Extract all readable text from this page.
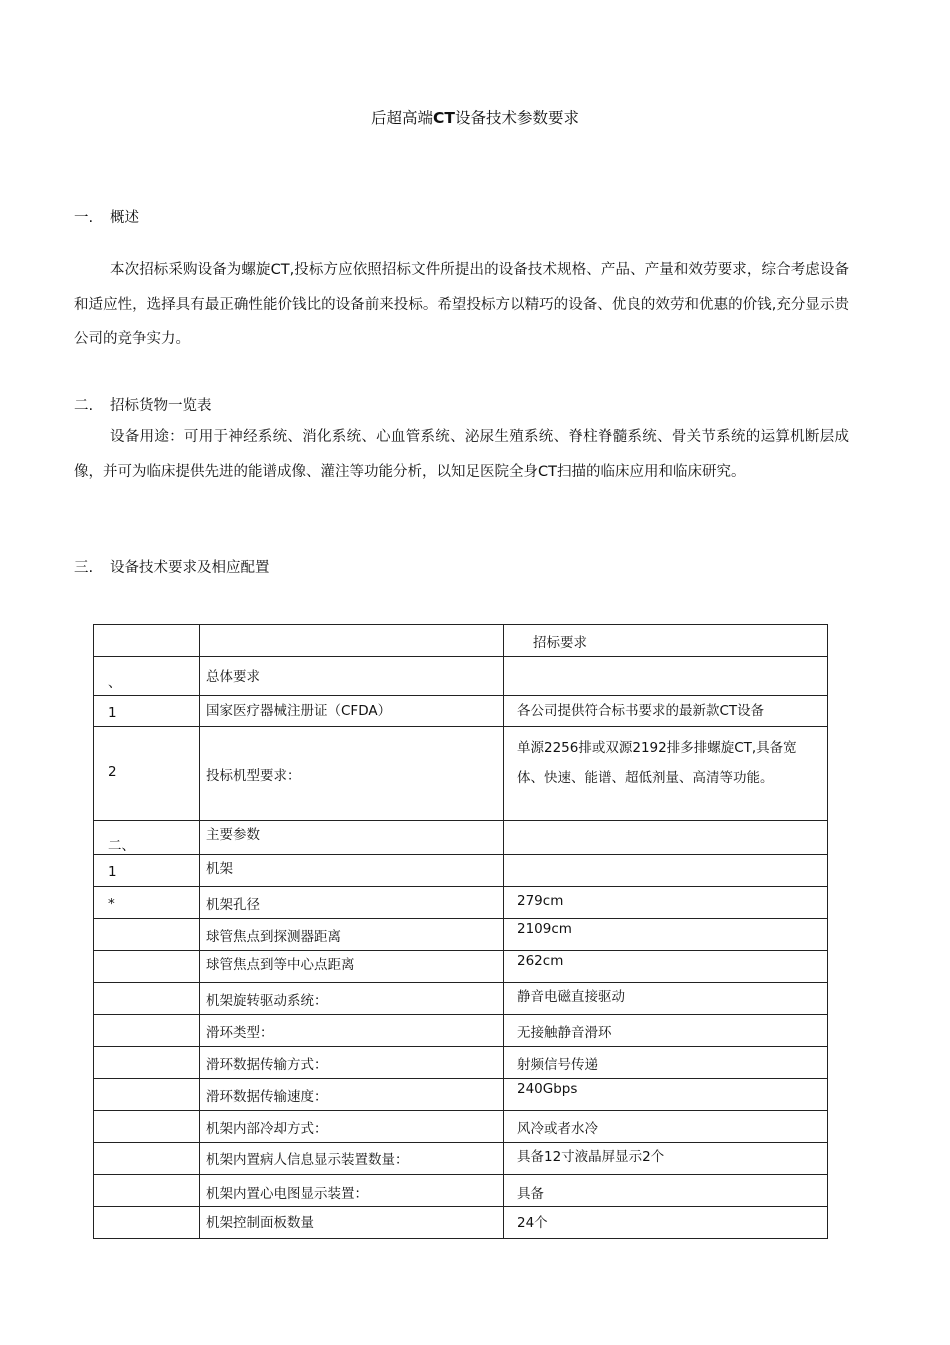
后超高端CT设备技术参数要求
一. 概述
本次招标采购设备为螺旋CT,投标方应依照招标文件所提出的设备技术规格、产品、产量和效劳要求，综合考虑设备和适应性，选择具有最正确性能价钱比的设备前来投标。希望投标方以精巧的设备、优良的效劳和优惠的价钱,充分显示贵公司的竞争实力。
二. 招标货物一览表
设备用途：可用于神经系统、消化系统、心血管系统、泌尿生殖系统、脊柱脊髓系统、骨关节系统的运算机断层成像，并可为临床提供先进的能谱成像、灌注等功能分析，以知足医院全身CT扫描的临床应用和临床研究。
三. 设备技术要求及相应配置

		招标要求

、	总体要求	

1	国家医疗器械注册证（CFDA）	各公司提供符合标书要求的最新款CT设备

2	投标机型要求：	单源2256排或双源2192排多排螺旋CT,具备宽体、快速、能谱、超低剂量、高清等功能。

二、	主要参数	

1	机架	

*	机架孔径	279cm

	球管焦点到探测器距离	2109cm

	球管焦点到等中心点距离	262cm

	机架旋转驱动系统：	静音电磁直接驱动

	滑环类型：	无接触静音滑环

	滑环数据传输方式：	射频信号传递

	滑环数据传输速度：	240Gbps

	机架内部冷却方式：	风冷或者水冷

	机架内置病人信息显示装置数量：	具备12寸液晶屏显示2个

	机架内置心电图显示装置：	具备

	机架控制面板数量	24个
